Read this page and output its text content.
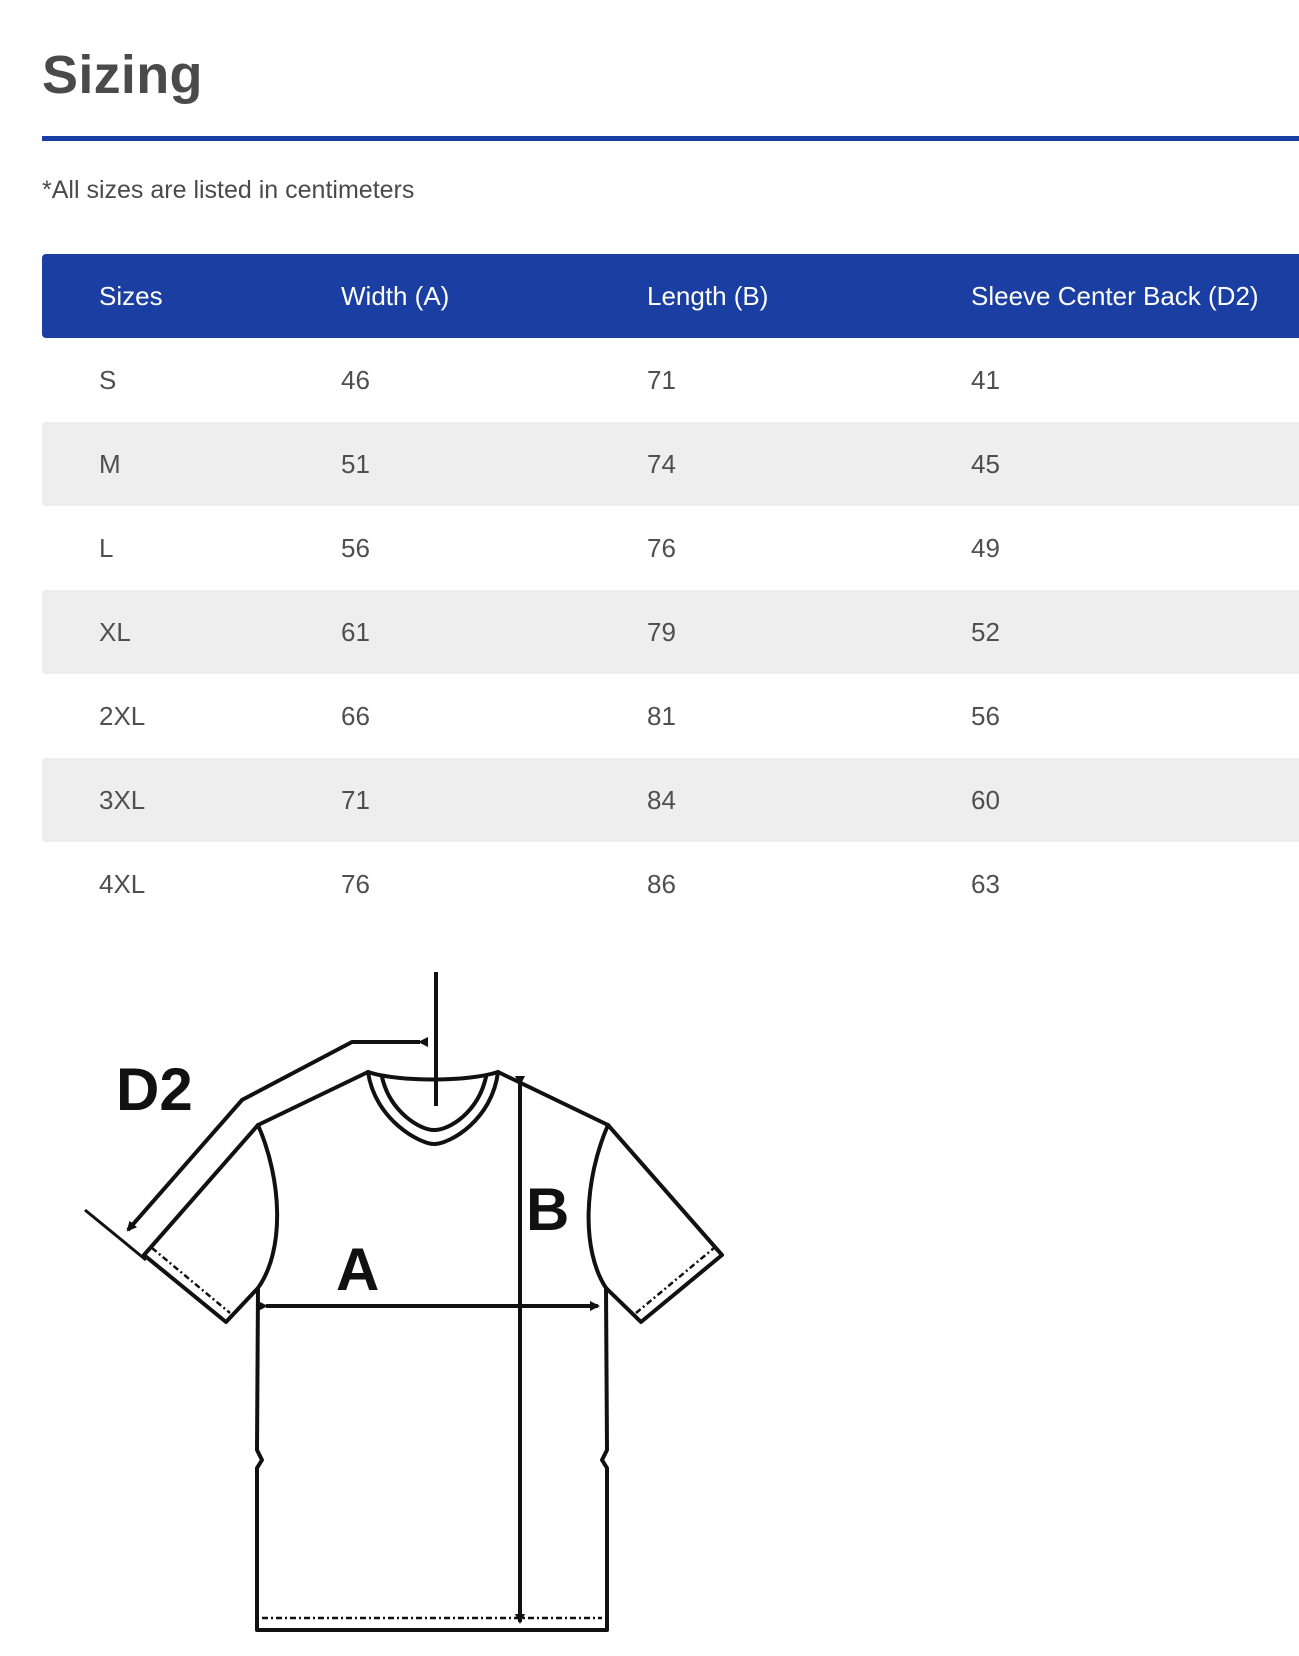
Sizing
*All sizes are listed in centimeters
Sizes	Width (A)	Length (B)	Sleeve Center Back (D2)
S	46	71	41
M	51	74	45
L	56	76	49
XL	61	79	52
2XL	66	81	56
3XL	71	84	60
4XL	76	86	63
D2
A
B
